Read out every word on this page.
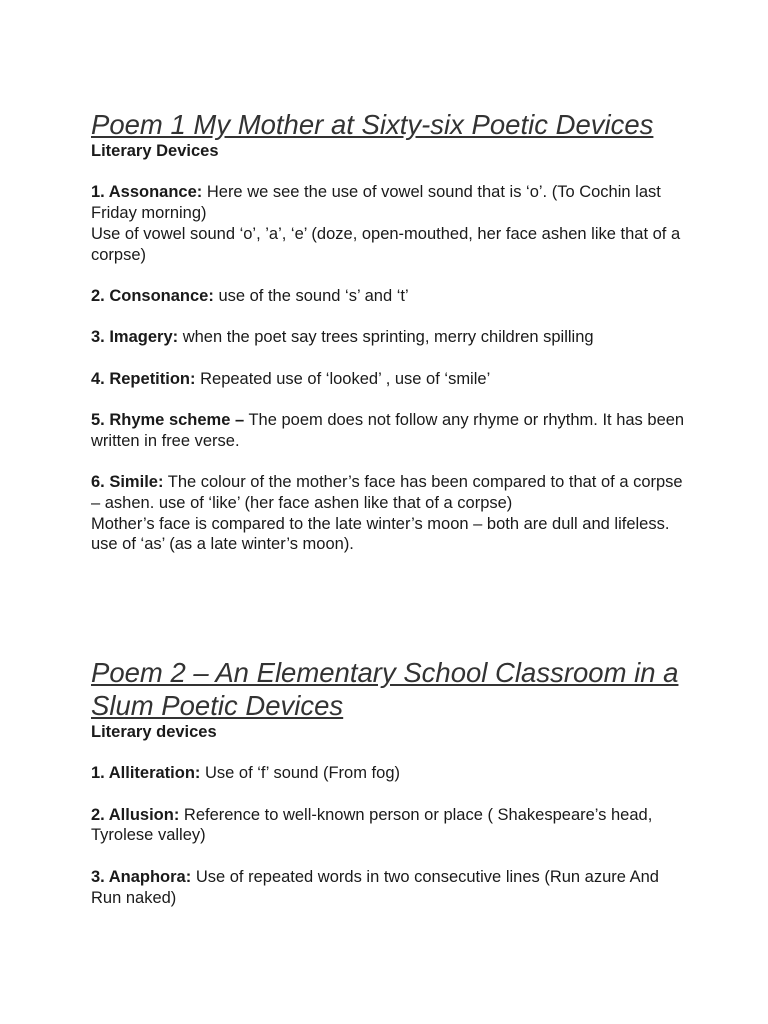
Poem 1 My Mother at Sixty-six Poetic Devices
Literary Devices
1. Assonance: Here we see the use of vowel sound that is ‘o’. (To Cochin last Friday morning)
Use of vowel sound ‘o’, ’a’, ‘e’ (doze, open-mouthed, her face ashen like that of a corpse)
2. Consonance: use of the sound ‘s’ and ‘t’
3. Imagery: when the poet say trees sprinting, merry children spilling
4. Repetition: Repeated use of ‘looked’ , use of ‘smile’
5. Rhyme scheme – The poem does not follow any rhyme or rhythm. It has been written in free verse.
6. Simile: The colour of the mother’s face has been compared to that of a corpse – ashen. use of ‘like’ (her face ashen like that of a corpse)
Mother’s face is compared to the late winter’s moon – both are dull and lifeless. use of ‘as’ (as a late winter’s moon).
Poem 2 – An Elementary School Classroom in a Slum Poetic Devices
Literary devices
1. Alliteration: Use of ‘f’ sound (From fog)
2. Allusion: Reference to well-known person or place ( Shakespeare’s head, Tyrolese valley)
3. Anaphora: Use of repeated words in two consecutive lines (Run azure And Run naked)
